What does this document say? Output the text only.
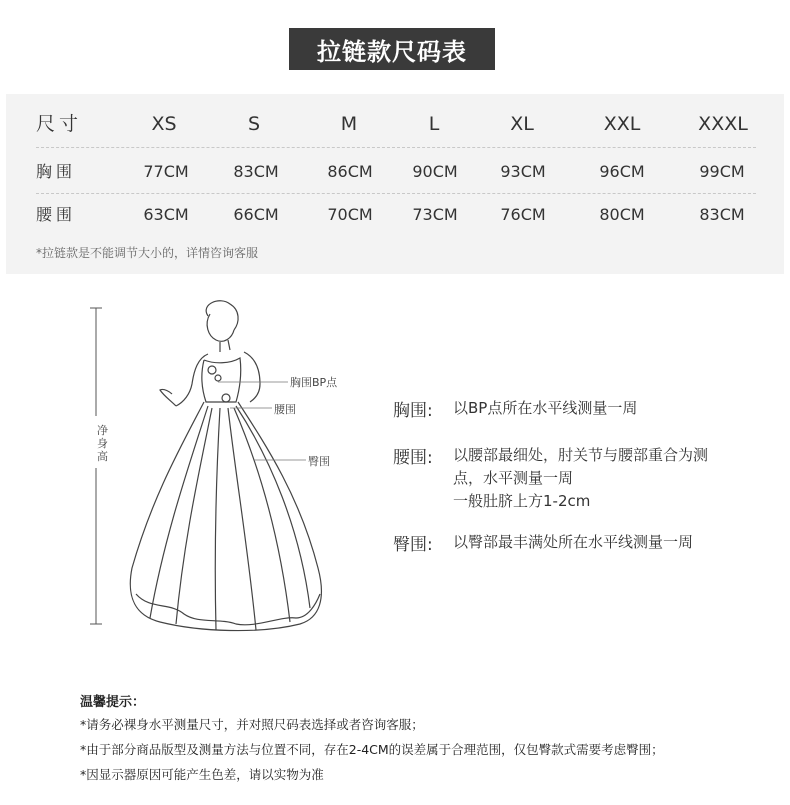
拉链款尺码表
尺寸	XS	S	M	L	XL	XXL	XXXL
胸围	77CM	83CM	86CM	90CM	93CM	96CM	99CM
腰围	63CM	66CM	70CM	73CM	76CM	80CM	83CM
*拉链款是不能调节大小的，详情咨询客服
净身高
胸围BP点
腰围
臀围
胸围:	以BP点所在水平线测量一周
腰围:	以腰部最细处，肘关节与腰部重合为测
点，水平测量一周
一般肚脐上方1-2cm
臀围:	以臀部最丰满处所在水平线测量一周
温馨提示：
*请务必裸身水平测量尺寸，并对照尺码表选择或者咨询客服；
*由于部分商品版型及测量方法与位置不同，存在2-4CM的误差属于合理范围，仅包臀款式需要考虑臀围；
*因显示器原因可能产生色差，请以实物为准
